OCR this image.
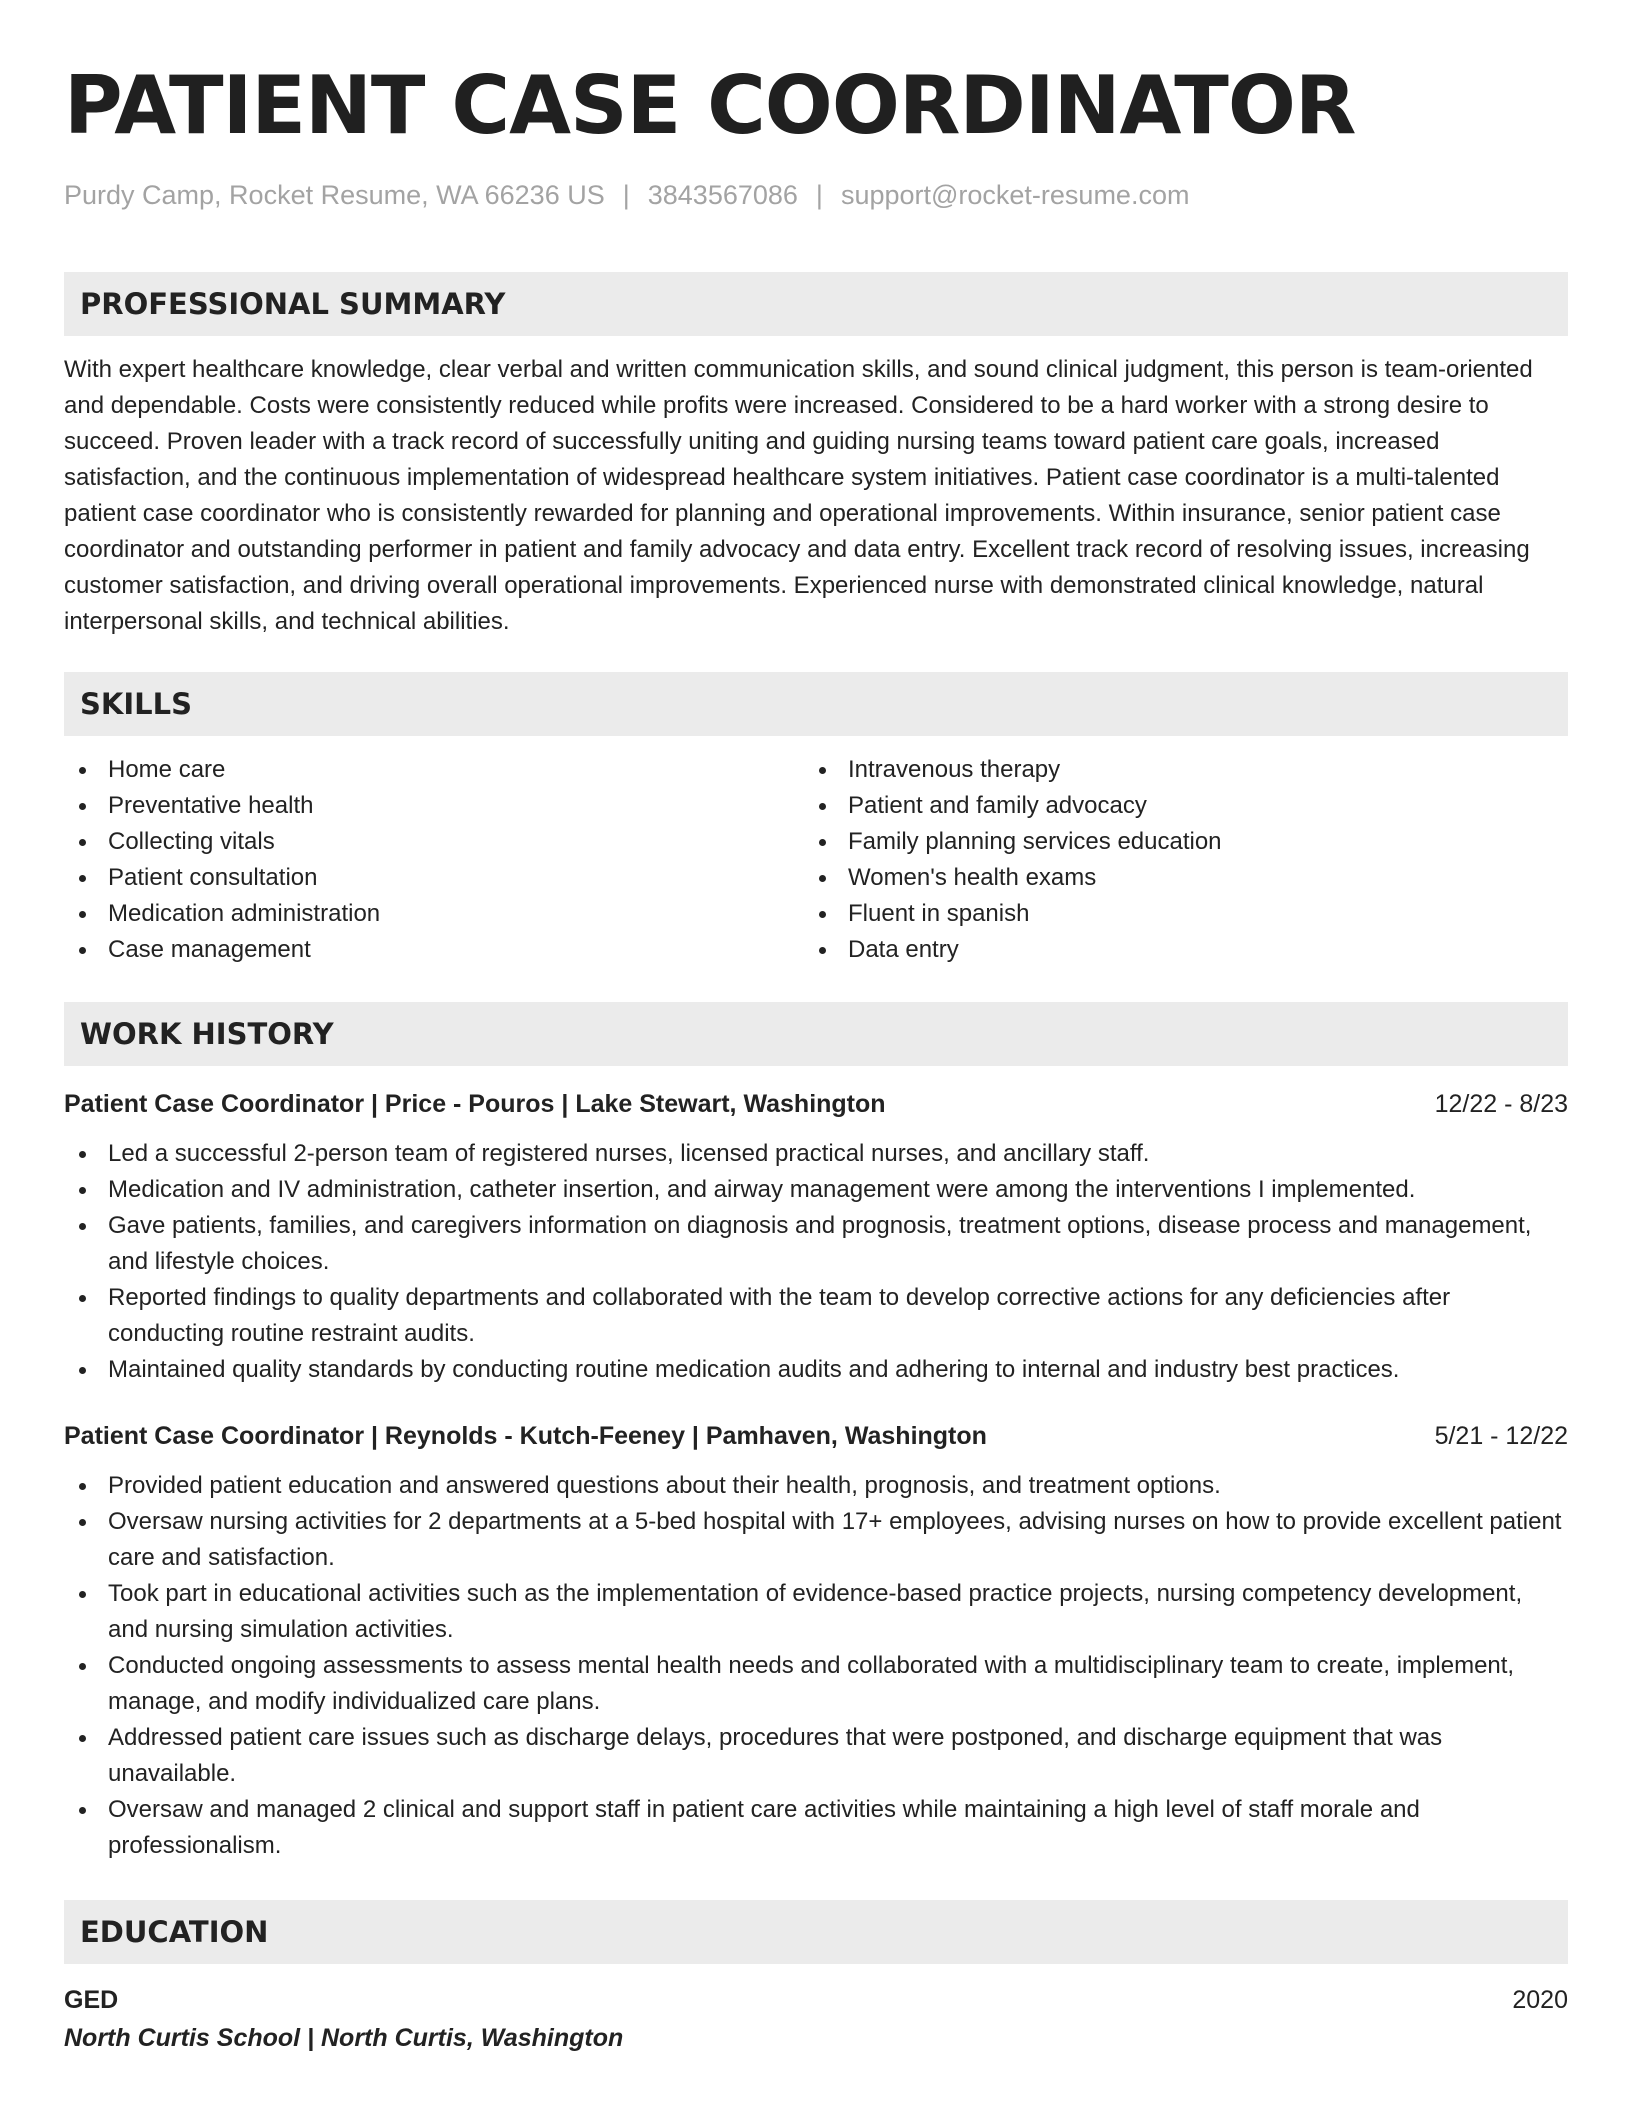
PATIENT CASE COORDINATOR
Purdy Camp, Rocket Resume, WA 66236 US | 3843567086 | support@rocket-resume.com
PROFESSIONAL SUMMARY

With expert healthcare knowledge, clear verbal and written communication skills, and sound clinical judgment, this person is team-oriented and dependable. Costs were consistently reduced while profits were increased. Considered to be a hard worker with a strong desire to succeed. Proven leader with a track record of successfully uniting and guiding nursing teams toward patient care goals, increased satisfaction, and the continuous implementation of widespread healthcare system initiatives. Patient case coordinator is a multi-talented patient case coordinator who is consistently rewarded for planning and operational improvements. Within insurance, senior patient case coordinator and outstanding performer in patient and family advocacy and data entry. Excellent track record of resolving issues, increasing customer satisfaction, and driving overall operational improvements. Experienced nurse with demonstrated clinical knowledge, natural interpersonal skills, and technical abilities.

SKILLS
Home care
Preventative health
Collecting vitals
Patient consultation
Medication administration
Case management
Intravenous therapy
Patient and family advocacy
Family planning services education
Women's health exams
Fluent in spanish
Data entry
WORK HISTORY
Patient Case Coordinator | Price - Pouros | Lake Stewart, Washington	12/22 - 8/23
Led a successful 2-person team of registered nurses, licensed practical nurses, and ancillary staff.
Medication and IV administration, catheter insertion, and airway management were among the interventions I implemented.
Gave patients, families, and caregivers information on diagnosis and prognosis, treatment options, disease process and management, and lifestyle choices.
Reported findings to quality departments and collaborated with the team to develop corrective actions for any deficiencies after conducting routine restraint audits.
Maintained quality standards by conducting routine medication audits and adhering to internal and industry best practices.
Patient Case Coordinator | Reynolds - Kutch-Feeney | Pamhaven, Washington	5/21 - 12/22
Provided patient education and answered questions about their health, prognosis, and treatment options.
Oversaw nursing activities for 2 departments at a 5-bed hospital with 17+ employees, advising nurses on how to provide excellent patient care and satisfaction.
Took part in educational activities such as the implementation of evidence-based practice projects, nursing competency development, and nursing simulation activities.
Conducted ongoing assessments to assess mental health needs and collaborated with a multidisciplinary team to create, implement, manage, and modify individualized care plans.
Addressed patient care issues such as discharge delays, procedures that were postponed, and discharge equipment that was unavailable.
Oversaw and managed 2 clinical and support staff in patient care activities while maintaining a high level of staff morale and professionalism.
EDUCATION
GED	2020
North Curtis School | North Curtis, Washington
